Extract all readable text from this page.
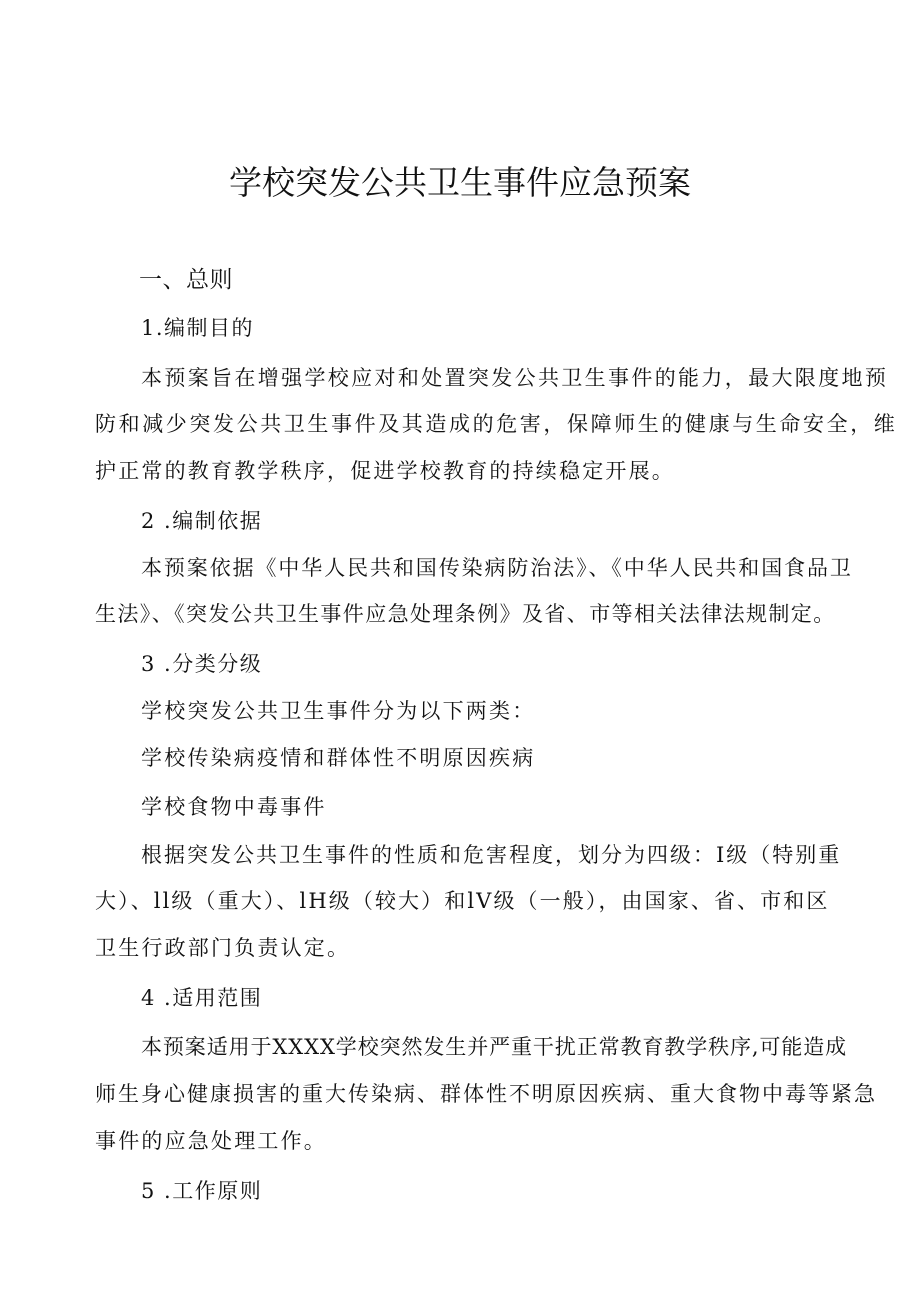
学校突发公共卫生事件应急预案
一、总则
1.编制目的
本预案旨在增强学校应对和处置突发公共卫生事件的能力，最大限度地预
防和减少突发公共卫生事件及其造成的危害，保障师生的健康与生命安全，维
护正常的教育教学秩序，促进学校教育的持续稳定开展。
2 .编制依据
本预案依据《中华人民共和国传染病防治法》、《中华人民共和国食品卫
生法》、《突发公共卫生事件应急处理条例》及省、市等相关法律法规制定。
3 .分类分级
学校突发公共卫生事件分为以下两类：
学校传染病疫情和群体性不明原因疾病
学校食物中毒事件
根据突发公共卫生事件的性质和危害程度，划分为四级：Ⅰ级（特别重
大）、ll级（重大）、lH级（较大）和lV级（一般），由国家、省、市和区
卫生行政部门负责认定。
4 .适用范围
本预案适用于XXXX学校突然发生并严重干扰正常教育教学秩序,可能造成
师生身心健康损害的重大传染病、群体性不明原因疾病、重大食物中毒等紧急
事件的应急处理工作。
5 .工作原则
